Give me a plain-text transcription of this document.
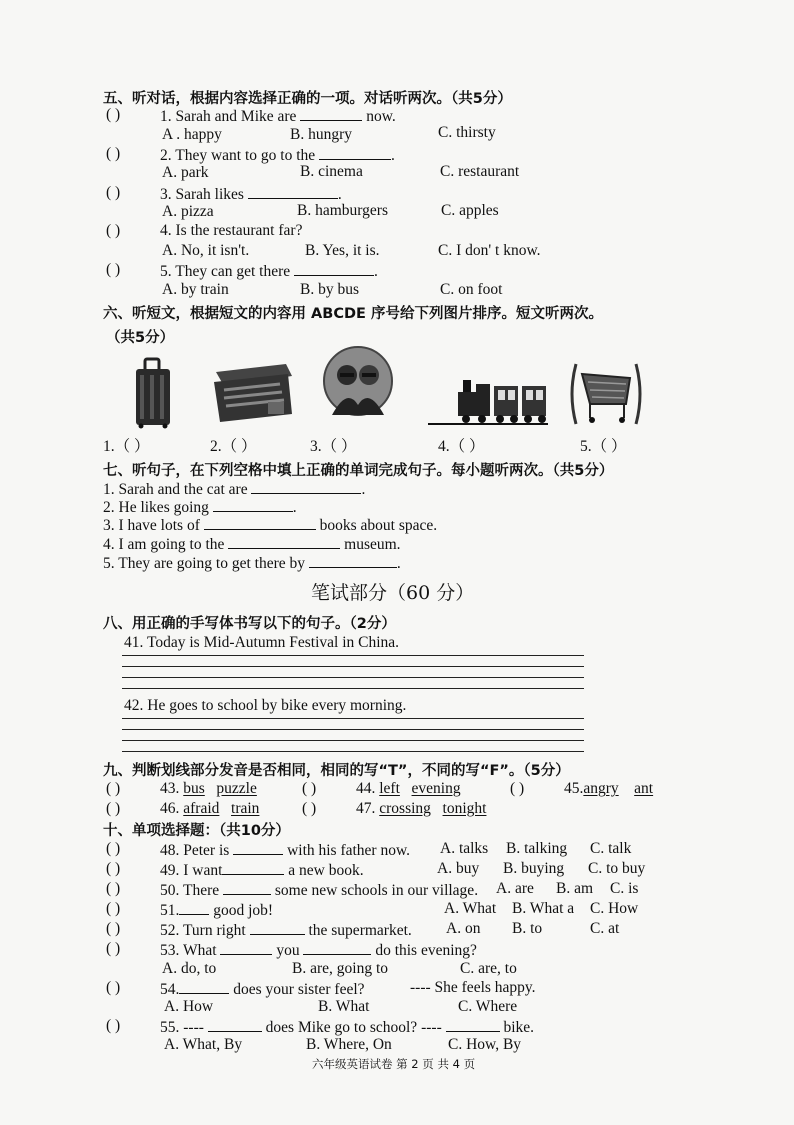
五、听对话，根据内容选择正确的一项。对话听两次。（共5分）
( )	1. Sarah and Mike are	now.
A . happy	B. hungry	C. thirsty
( )	2. They want to go to the	.
A. park	B. cinema	C. restaurant
( )	3. Sarah likes	.
A. pizza	B. hamburgers	C. apples
( )	4. Is the restaurant far?
A. No, it isn't.	B. Yes, it is.	C. I don' t know.
( )	5. They can get there	.
A. by train	B. by bus	C. on foot
六、听短文，根据短文的内容用 ABCDE 序号给下列图片排序。短文听两次。
（共5分）
1.（ ）	2.（ ）	3.（ ）	4.（ ）	5.（ ）
七、听句子，在下列空格中填上正确的单词完成句子。每小题听两次。（共5分）
1. Sarah and the cat are	.
2. He likes going	.
3. I have lots of	books about space.
4. I am going to the	museum.
5. They are going to get there by	.
笔试部分（60 分）
八、用正确的手写体书写以下的句子。（2分）
41. Today is Mid-Autumn Festival in China.
42. He goes to school by bike every morning.
九、判断划线部分发音是否相同，相同的写“T”，不同的写“F”。（5分）
( )	43. bus puzzle	( )	44. left evening	( )	45.angry ant
( )	46. afraid train	( )	47. crossing tonight
十、单项选择题：（共10分）
( )	48. Peter is	with his father now. A. talks B. talking C. talk
( )	49. I want	a new book.	A. buy B. buying C. to buy
( )	50. There	some new schools in our village. A. are B. am C. is
( )	51. good job!	A. What B. What a C. How
( )	52. Turn right	the supermarket. A. on B. to	C. at
( )	53. What	you	do this evening?
A. do, to	B. are, going to	C. are, to
( )	54.	does your sister feel?	---- She feels happy.
A. How	B. What	C. Where
( )	55. ----	does Mike go to school? ----	bike.
A. What, By	B. Where, On	C. How, By
六年级英语试卷 第 2 页 共 4 页
